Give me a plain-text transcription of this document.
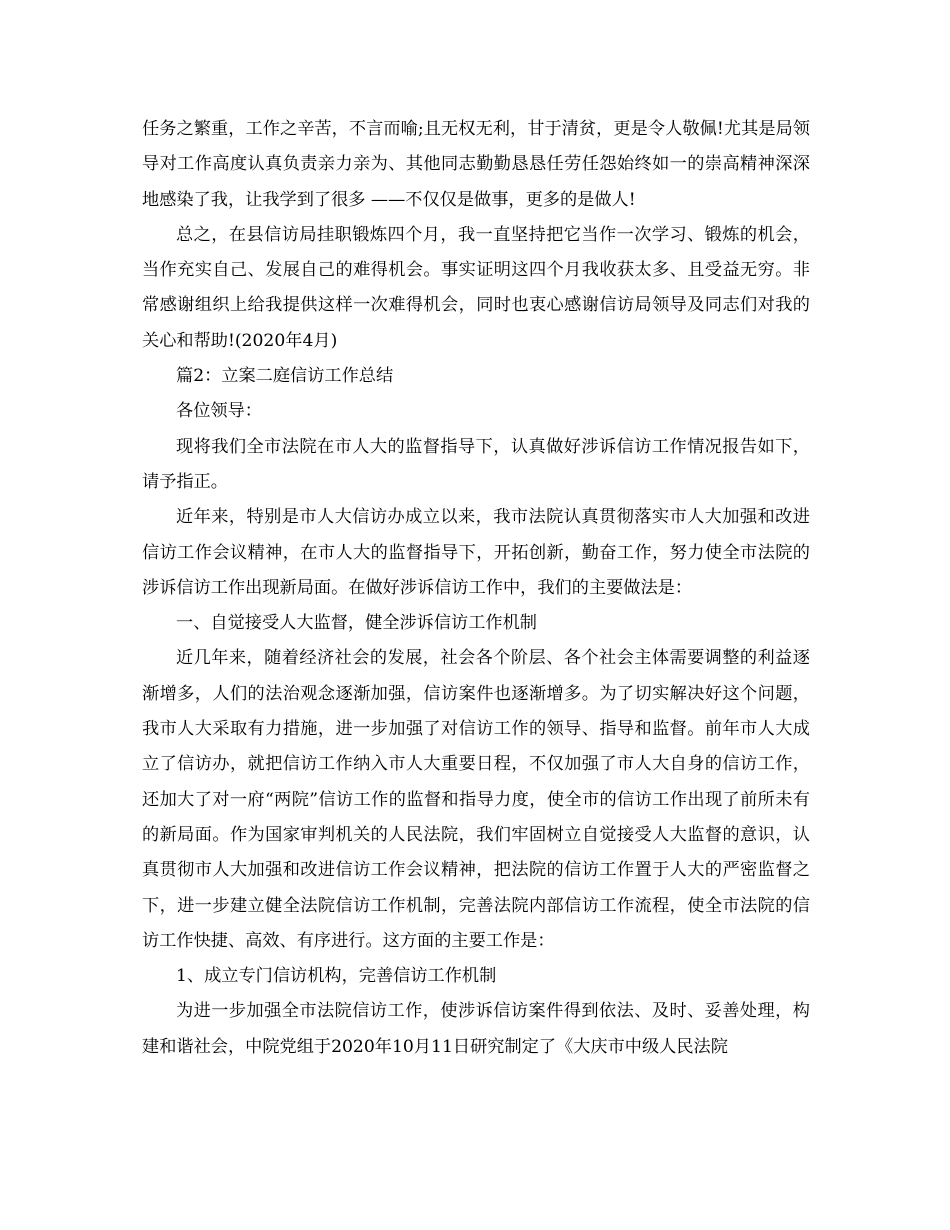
任务之繁重，工作之辛苦，不言而喻;且无权无利，甘于清贫，更是令人敬佩!尤其是局领导对工作高度认真负责亲力亲为、其他同志勤勤恳恳任劳任怨始终如一的崇高精神深深地感染了我，让我学到了很多 ——不仅仅是做事，更多的是做人!

总之，在县信访局挂职锻炼四个月，我一直坚持把它当作一次学习、锻炼的机会，当作充实自己、发展自己的难得机会。事实证明这四个月我收获太多、且受益无穷。非常感谢组织上给我提供这样一次难得机会，同时也衷心感谢信访局领导及同志们对我的关心和帮助!(2020年4月)

篇2：立案二庭信访工作总结

各位领导：

现将我们全市法院在市人大的监督指导下，认真做好涉诉信访工作情况报告如下，请予指正。

近年来，特别是市人大信访办成立以来，我市法院认真贯彻落实市人大加强和改进信访工作会议精神，在市人大的监督指导下，开拓创新，勤奋工作，努力使全市法院的涉诉信访工作出现新局面。在做好涉诉信访工作中，我们的主要做法是：

一、自觉接受人大监督，健全涉诉信访工作机制

近几年来，随着经济社会的发展，社会各个阶层、各个社会主体需要调整的利益逐渐增多，人们的法治观念逐渐加强，信访案件也逐渐增多。为了切实解决好这个问题，我市人大采取有力措施，进一步加强了对信访工作的领导、指导和监督。前年市人大成立了信访办，就把信访工作纳入市人大重要日程，不仅加强了市人大自身的信访工作，还加大了对一府“两院”信访工作的监督和指导力度，使全市的信访工作出现了前所未有的新局面。作为国家审判机关的人民法院，我们牢固树立自觉接受人大监督的意识，认真贯彻市人大加强和改进信访工作会议精神，把法院的信访工作置于人大的严密监督之下，进一步建立健全法院信访工作机制，完善法院内部信访工作流程，使全市法院的信访工作快捷、高效、有序进行。这方面的主要工作是：

1、成立专门信访机构，完善信访工作机制

为进一步加强全市法院信访工作，使涉诉信访案件得到依法、及时、妥善处理，构建和谐社会，中院党组于2020年10月11日研究制定了《大庆市中级人民法院
